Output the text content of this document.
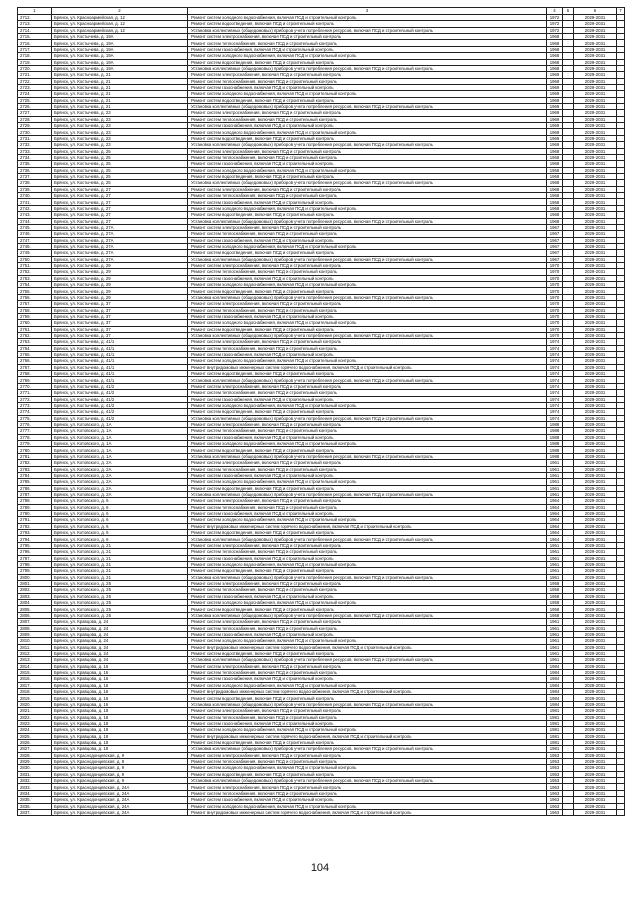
1	2	3	4	5	6	7
2712.	Брянск, ул. Красноармейская, д. 12	Ремонт систем холодного водоснабжения, включая ПСД и строительный контроль	1972		2029-2031	
2713.	Брянск, ул. Красноармейская, д. 12	Ремонт систем водоотведения, включая ПСД и строительный контроль	1972		2029-2031	
2714.	Брянск, ул. Красноармейская, д. 12	Установка коллективных (общедомовых) приборов учета потребления ресурсов, включая ПСД и строительный контроль	1972		2029-2031	
2715.	Брянск, ул. Костычева, д. 19А	Ремонт систем электроснабжения, включая ПСД и строительный контроль	1968		2029-2031	
2716.	Брянск, ул. Костычева, д. 19А	Ремонт систем теплоснабжения, включая ПСД и строительный контроль	1968		2029-2031	
2717.	Брянск, ул. Костычева, д. 19А	Ремонт систем газоснабжения, включая ПСД и строительный контроль	1968		2029-2031	
2718.	Брянск, ул. Костычева, д. 19А	Ремонт систем холодного водоснабжения, включая ПСД и строительный контроль	1968		2029-2031	
2719.	Брянск, ул. Костычева, д. 19А	Ремонт систем водоотведения, включая ПСД и строительный контроль	1968		2029-2031	
2720.	Брянск, ул. Костычева, д. 19А	Установка коллективных (общедомовых) приборов учета потребления ресурсов, включая ПСД и строительный контроль	1968		2029-2031	
2721.	Брянск, ул. Костычева, д. 21	Ремонт систем электроснабжения, включая ПСД и строительный контроль	1969		2029-2031	
2722.	Брянск, ул. Костычева, д. 21	Ремонт систем теплоснабжения, включая ПСД и строительный контроль	1969		2029-2031	
2723.	Брянск, ул. Костычева, д. 21	Ремонт систем газоснабжения, включая ПСД и строительный контроль	1969		2029-2031	
2724.	Брянск, ул. Костычева, д. 21	Ремонт систем холодного водоснабжения, включая ПСД и строительный контроль	1969		2029-2031	
2725.	Брянск, ул. Костычева, д. 21	Ремонт систем водоотведения, включая ПСД и строительный контроль	1969		2029-2031	
2726.	Брянск, ул. Костычева, д. 21	Установка коллективных (общедомовых) приборов учета потребления ресурсов, включая ПСД и строительный контроль	1969		2029-2031	
2727.	Брянск, ул. Костычева, д. 23	Ремонт систем электроснабжения, включая ПСД и строительный контроль	1969		2029-2031	
2728.	Брянск, ул. Костычева, д. 23	Ремонт систем теплоснабжения, включая ПСД и строительный контроль	1969		2029-2031	
2729.	Брянск, ул. Костычева, д. 23	Ремонт систем газоснабжения, включая ПСД и строительный контроль	1969		2029-2031	
2730.	Брянск, ул. Костычева, д. 23	Ремонт систем холодного водоснабжения, включая ПСД и строительный контроль	1969		2029-2031	
2731.	Брянск, ул. Костычева, д. 23	Ремонт систем водоотведения, включая ПСД и строительный контроль	1969		2029-2031	
2732.	Брянск, ул. Костычева, д. 23	Установка коллективных (общедомовых) приборов учета потребления ресурсов, включая ПСД и строительный контроль	1969		2029-2031	
2733.	Брянск, ул. Костычева, д. 25	Ремонт систем электроснабжения, включая ПСД и строительный контроль	1968		2029-2031	
2734.	Брянск, ул. Костычева, д. 25	Ремонт систем теплоснабжения, включая ПСД и строительный контроль	1968		2029-2031	
2735.	Брянск, ул. Костычева, д. 25	Ремонт систем газоснабжения, включая ПСД и строительный контроль	1968		2029-2031	
2736.	Брянск, ул. Костычева, д. 25	Ремонт систем холодного водоснабжения, включая ПСД и строительный контроль	1968		2029-2031	
2737.	Брянск, ул. Костычева, д. 25	Ремонт систем водоотведения, включая ПСД и строительный контроль	1968		2029-2031	
2738.	Брянск, ул. Костычева, д. 25	Установка коллективных (общедомовых) приборов учета потребления ресурсов, включая ПСД и строительный контроль	1968		2029-2031	
2739.	Брянск, ул. Костычева, д. 27	Ремонт систем электроснабжения, включая ПСД и строительный контроль	1968		2029-2031	
2740.	Брянск, ул. Костычева, д. 27	Ремонт систем теплоснабжения, включая ПСД и строительный контроль	1968		2029-2031	
2741.	Брянск, ул. Костычева, д. 27	Ремонт систем газоснабжения, включая ПСД и строительный контроль	1968		2029-2031	
2742.	Брянск, ул. Костычева, д. 27	Ремонт систем холодного водоснабжения, включая ПСД и строительный контроль	1968		2029-2031	
2743.	Брянск, ул. Костычева, д. 27	Ремонт систем водоотведения, включая ПСД и строительный контроль	1968		2029-2031	
2744.	Брянск, ул. Костычева, д. 27	Установка коллективных (общедомовых) приборов учета потребления ресурсов, включая ПСД и строительный контроль	1968		2029-2031	
2745.	Брянск, ул. Костычева, д. 27А	Ремонт систем электроснабжения, включая ПСД и строительный контроль	1967		2029-2031	
2746.	Брянск, ул. Костычева, д. 27А	Ремонт систем теплоснабжения, включая ПСД и строительный контроль	1967		2029-2031	
2747.	Брянск, ул. Костычева, д. 27А	Ремонт систем газоснабжения, включая ПСД и строительный контроль	1967		2029-2031	
2748.	Брянск, ул. Костычева, д. 27А	Ремонт систем холодного водоснабжения, включая ПСД и строительный контроль	1967		2029-2031	
2749.	Брянск, ул. Костычева, д. 27А	Ремонт систем водоотведения, включая ПСД и строительный контроль	1967		2029-2031	
2750.	Брянск, ул. Костычева, д. 27А	Установка коллективных (общедомовых) приборов учета потребления ресурсов, включая ПСД и строительный контроль	1967		2029-2031	
2751.	Брянск, ул. Костычева, д. 29	Ремонт систем электроснабжения, включая ПСД и строительный контроль	1970		2029-2031	
2752.	Брянск, ул. Костычева, д. 29	Ремонт систем теплоснабжения, включая ПСД и строительный контроль	1970		2029-2031	
2753.	Брянск, ул. Костычева, д. 29	Ремонт систем газоснабжения, включая ПСД и строительный контроль	1970		2029-2031	
2754.	Брянск, ул. Костычева, д. 29	Ремонт систем холодного водоснабжения, включая ПСД и строительный контроль	1970		2029-2031	
2755.	Брянск, ул. Костычева, д. 29	Ремонт систем водоотведения, включая ПСД и строительный контроль	1970		2029-2031	
2756.	Брянск, ул. Костычева, д. 29	Установка коллективных (общедомовых) приборов учета потребления ресурсов, включая ПСД и строительный контроль	1970		2029-2031	
2757.	Брянск, ул. Костычева, д. 37	Ремонт систем электроснабжения, включая ПСД и строительный контроль	1970		2029-2031	
2758.	Брянск, ул. Костычева, д. 37	Ремонт систем теплоснабжения, включая ПСД и строительный контроль	1970		2029-2031	
2759.	Брянск, ул. Костычева, д. 37	Ремонт систем газоснабжения, включая ПСД и строительный контроль	1970		2029-2031	
2760.	Брянск, ул. Костычева, д. 37	Ремонт систем холодного водоснабжения, включая ПСД и строительный контроль	1970		2029-2031	
2761.	Брянск, ул. Костычева, д. 37	Ремонт систем водоотведения, включая ПСД и строительный контроль	1970		2029-2031	
2762.	Брянск, ул. Костычева, д. 37	Установка коллективных (общедомовых) приборов учета потребления ресурсов, включая ПСД и строительный контроль	1970		2029-2031	
2763.	Брянск, ул. Костычева, д. 41/1	Ремонт систем электроснабжения, включая ПСД и строительный контроль	1974		2029-2031	
2764.	Брянск, ул. Костычева, д. 41/1	Ремонт систем теплоснабжения, включая ПСД и строительный контроль	1974		2029-2031	
2765.	Брянск, ул. Костычева, д. 41/1	Ремонт систем газоснабжения, включая ПСД и строительный контроль	1974		2029-2031	
2766.	Брянск, ул. Костычева, д. 41/1	Ремонт систем холодного водоснабжения, включая ПСД и строительный контроль	1974		2029-2031	
2767.	Брянск, ул. Костычева, д. 41/1	Ремонт внутридомовых инженерных систем горячего водоснабжения, включая ПСД и строительный контроль	1974		2029-2031	
2768.	Брянск, ул. Костычева, д. 41/1	Ремонт систем водоотведения, включая ПСД и строительный контроль	1974		2029-2031	
2769.	Брянск, ул. Костычева, д. 41/1	Установка коллективных (общедомовых) приборов учета потребления ресурсов, включая ПСД и строительный контроль	1974		2029-2031	
2770.	Брянск, ул. Костычева, д. 41/2	Ремонт систем электроснабжения, включая ПСД и строительный контроль	1974		2029-2031	
2771.	Брянск, ул. Костычева, д. 41/2	Ремонт систем теплоснабжения, включая ПСД и строительный контроль	1974		2029-2031	
2772.	Брянск, ул. Костычева, д. 41/2	Ремонт систем газоснабжения, включая ПСД и строительный контроль	1974		2029-2031	
2773.	Брянск, ул. Костычева, д. 41/2	Ремонт систем холодного водоснабжения, включая ПСД и строительный контроль	1974		2029-2031	
2774.	Брянск, ул. Костычева, д. 41/2	Ремонт систем водоотведения, включая ПСД и строительный контроль	1974		2029-2031	
2775.	Брянск, ул. Костычева, д. 41/2	Установка коллективных (общедомовых) приборов учета потребления ресурсов, включая ПСД и строительный контроль	1974		2029-2031	
2776.	Брянск, ул. Котовского, д. 1А	Ремонт систем электроснабжения, включая ПСД и строительный контроль	1988		2029-2031	
2777.	Брянск, ул. Котовского, д. 1А	Ремонт систем теплоснабжения, включая ПСД и строительный контроль	1988		2029-2031	
2778.	Брянск, ул. Котовского, д. 1А	Ремонт систем газоснабжения, включая ПСД и строительный контроль	1988		2029-2031	
2779.	Брянск, ул. Котовского, д. 1А	Ремонт систем холодного водоснабжения, включая ПСД и строительный контроль	1988		2029-2031	
2780.	Брянск, ул. Котовского, д. 1А	Ремонт систем водоотведения, включая ПСД и строительный контроль	1988		2029-2031	
2781.	Брянск, ул. Котовского, д. 1А	Установка коллективных (общедомовых) приборов учета потребления ресурсов, включая ПСД и строительный контроль	1988		2029-2031	
2782.	Брянск, ул. Котовского, д. 2А	Ремонт систем электроснабжения, включая ПСД и строительный контроль	1961		2029-2031	
2783.	Брянск, ул. Котовского, д. 2А	Ремонт систем теплоснабжения, включая ПСД и строительный контроль	1961		2029-2031	
2784.	Брянск, ул. Котовского, д. 2А	Ремонт систем газоснабжения, включая ПСД и строительный контроль	1961		2029-2031	
2785.	Брянск, ул. Котовского, д. 2А	Ремонт систем холодного водоснабжения, включая ПСД и строительный контроль	1961		2029-2031	
2786.	Брянск, ул. Котовского, д. 2А	Ремонт систем водоотведения, включая ПСД и строительный контроль	1961		2029-2031	
2787.	Брянск, ул. Котовского, д. 2А	Установка коллективных (общедомовых) приборов учета потребления ресурсов, включая ПСД и строительный контроль	1961		2029-2031	
2788.	Брянск, ул. Котовского, д. 6	Ремонт систем электроснабжения, включая ПСД и строительный контроль	1964		2029-2031	
2789.	Брянск, ул. Котовского, д. 6	Ремонт систем теплоснабжения, включая ПСД и строительный контроль	1964		2029-2031	
2790.	Брянск, ул. Котовского, д. 6	Ремонт систем газоснабжения, включая ПСД и строительный контроль	1964		2029-2031	
2791.	Брянск, ул. Котовского, д. 6	Ремонт систем холодного водоснабжения, включая ПСД и строительный контроль	1964		2029-2031	
2792.	Брянск, ул. Котовского, д. 6	Ремонт внутридомовых инженерных систем горячего водоснабжения, включая ПСД и строительный контроль	1964		2029-2031	
2793.	Брянск, ул. Котовского, д. 6	Ремонт систем водоотведения, включая ПСД и строительный контроль	1964		2029-2031	
2794.	Брянск, ул. Котовского, д. 6	Установка коллективных (общедомовых) приборов учета потребления ресурсов, включая ПСД и строительный контроль	1964		2029-2031	
2795.	Брянск, ул. Котовского, д. 21	Ремонт систем электроснабжения, включая ПСД и строительный контроль	1961		2029-2031	
2796.	Брянск, ул. Котовского, д. 21	Ремонт систем теплоснабжения, включая ПСД и строительный контроль	1961		2029-2031	
2797.	Брянск, ул. Котовского, д. 21	Ремонт систем газоснабжения, включая ПСД и строительный контроль	1961		2029-2031	
2798.	Брянск, ул. Котовского, д. 21	Ремонт систем холодного водоснабжения, включая ПСД и строительный контроль	1961		2029-2031	
2799.	Брянск, ул. Котовского, д. 21	Ремонт систем водоотведения, включая ПСД и строительный контроль	1961		2029-2031	
2800.	Брянск, ул. Котовского, д. 21	Установка коллективных (общедомовых) приборов учета потребления ресурсов, включая ПСД и строительный контроль	1961		2029-2031	
2801.	Брянск, ул. Котовского, д. 25	Ремонт систем электроснабжения, включая ПСД и строительный контроль	1958		2029-2031	
2802.	Брянск, ул. Котовского, д. 25	Ремонт систем теплоснабжения, включая ПСД и строительный контроль	1958		2029-2031	
2803.	Брянск, ул. Котовского, д. 25	Ремонт систем газоснабжения, включая ПСД и строительный контроль	1958		2029-2031	
2804.	Брянск, ул. Котовского, д. 25	Ремонт систем холодного водоснабжения, включая ПСД и строительный контроль	1958		2029-2031	
2805.	Брянск, ул. Котовского, д. 25	Ремонт систем водоотведения, включая ПСД и строительный контроль	1958		2029-2031	
2806.	Брянск, ул. Котовского, д. 25	Установка коллективных (общедомовых) приборов учета потребления ресурсов, включая ПСД и строительный контроль	1958		2029-2031	
2807.	Брянск, ул. Кравцова, д. 24	Ремонт систем электроснабжения, включая ПСД и строительный контроль	1961		2029-2031	
2808.	Брянск, ул. Кравцова, д. 24	Ремонт систем теплоснабжения, включая ПСД и строительный контроль	1961		2029-2031	
2809.	Брянск, ул. Кравцова, д. 24	Ремонт систем газоснабжения, включая ПСД и строительный контроль	1961		2029-2031	
2810.	Брянск, ул. Кравцова, д. 24	Ремонт систем холодного водоснабжения, включая ПСД и строительный контроль	1961		2029-2031	
2811.	Брянск, ул. Кравцова, д. 24	Ремонт внутридомовых инженерных систем горячего водоснабжения, включая ПСД и строительный контроль	1961		2029-2031	
2812.	Брянск, ул. Кравцова, д. 24	Ремонт систем водоотведения, включая ПСД и строительный контроль	1961		2029-2031	
2813.	Брянск, ул. Кравцова, д. 24	Установка коллективных (общедомовых) приборов учета потребления ресурсов, включая ПСД и строительный контроль	1961		2029-2031	
2814.	Брянск, ул. Кравцова, д. 16	Ремонт систем электроснабжения, включая ПСД и строительный контроль	1984		2029-2031	
2815.	Брянск, ул. Кравцова, д. 16	Ремонт систем теплоснабжения, включая ПСД и строительный контроль	1984		2029-2031	
2816.	Брянск, ул. Кравцова, д. 16	Ремонт систем газоснабжения, включая ПСД и строительный контроль	1984		2029-2031	
2817.	Брянск, ул. Кравцова, д. 16	Ремонт систем холодного водоснабжения, включая ПСД и строительный контроль	1984		2029-2031	
2818.	Брянск, ул. Кравцова, д. 16	Ремонт внутридомовых инженерных систем горячего водоснабжения, включая ПСД и строительный контроль	1984		2029-2031	
2819.	Брянск, ул. Кравцова, д. 16	Ремонт систем водоотведения, включая ПСД и строительный контроль	1984		2029-2031	
2820.	Брянск, ул. Кравцова, д. 16	Установка коллективных (общедомовых) приборов учета потребления ресурсов, включая ПСД и строительный контроль	1984		2029-2031	
2821.	Брянск, ул. Кравцова, д. 18	Ремонт систем электроснабжения, включая ПСД и строительный контроль	1981		2029-2031	
2822.	Брянск, ул. Кравцова, д. 18	Ремонт систем теплоснабжения, включая ПСД и строительный контроль	1981		2029-2031	
2823.	Брянск, ул. Кравцова, д. 18	Ремонт систем газоснабжения, включая ПСД и строительный контроль	1981		2029-2031	
2824.	Брянск, ул. Кравцова, д. 18	Ремонт систем холодного водоснабжения, включая ПСД и строительный контроль	1981		2029-2031	
2825.	Брянск, ул. Кравцова, д. 18	Ремонт внутридомовых инженерных систем горячего водоснабжения, включая ПСД и строительный контроль	1981		2029-2031	
2826.	Брянск, ул. Кравцова, д. 18	Ремонт систем водоотведения, включая ПСД и строительный контроль	1981		2029-2031	
2827.	Брянск, ул. Кравцова, д. 18	Установка коллективных (общедомовых) приборов учета потребления ресурсов, включая ПСД и строительный контроль	1981		2029-2031	
2828.	Брянск, ул. Краснодонцевская, д. 9	Ремонт систем электроснабжения, включая ПСД и строительный контроль	1953		2029-2031	
2829.	Брянск, ул. Краснодонцевская, д. 9	Ремонт систем теплоснабжения, включая ПСД и строительный контроль	1953		2029-2031	
2830.	Брянск, ул. Краснодонцевская, д. 9	Ремонт систем холодного водоснабжения, включая ПСД и строительный контроль	1953		2029-2031	
2831.	Брянск, ул. Краснодонцевская, д. 9	Ремонт систем водоотведения, включая ПСД и строительный контроль	1953		2029-2031	
2832.	Брянск, ул. Краснодонцевская, д. 9	Установка коллективных (общедомовых) приборов учета потребления ресурсов, включая ПСД и строительный контроль	1953		2029-2031	
2833.	Брянск, ул. Краснодонцевская, д. 24А	Ремонт систем электроснабжения, включая ПСД и строительный контроль	1963		2029-2031	
2834.	Брянск, ул. Краснодонцевская, д. 24А	Ремонт систем теплоснабжения, включая ПСД и строительный контроль	1963		2029-2031	
2835.	Брянск, ул. Краснодонцевская, д. 24А	Ремонт систем газоснабжения, включая ПСД и строительный контроль	1963		2029-2031	
2836.	Брянск, ул. Краснодонцевская, д. 24А	Ремонт систем холодного водоснабжения, включая ПСД и строительный контроль	1963		2029-2031	
2837.	Брянск, ул. Краснодонцевская, д. 24А	Ремонт внутридомовых инженерных систем горячего водоснабжения, включая ПСД и строительный контроль	1963		2029-2031	
104
